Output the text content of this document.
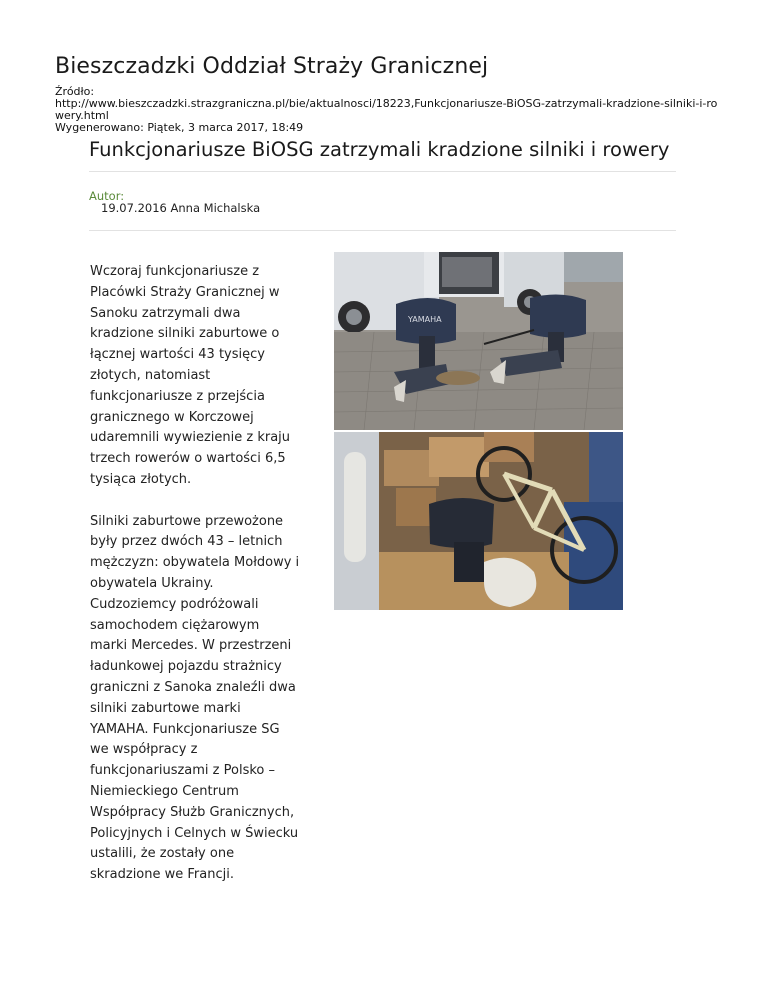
Bieszczadzki Oddział Straży Granicznej
Źródło:
http://www.bieszczadzki.strazgraniczna.pl/bie/aktualnosci/18223,Funkcjonariusze-BiOSG-zatrzymali-kradzione-silniki-i-rowery.html
Wygenerowano: Piątek, 3 marca 2017, 18:49
Funkcjonariusze BiOSG zatrzymali kradzione silniki i rowery
Autor:
19.07.2016 Anna Michalska

Wczoraj funkcjonariusze z Placówki Straży Granicznej w Sanoku zatrzymali dwa kradzione silniki zaburtowe o łącznej wartości 43 tysięcy złotych, natomiast funkcjonariusze z przejścia granicznego w Korczowej udaremnili wywiezienie z kraju trzech rowerów o wartości 6,5 tysiąca złotych.

Silniki zaburtowe przewożone były przez dwóch 43 – letnich mężczyzn: obywatela Mołdowy i obywatela Ukrainy. Cudzoziemcy podróżowali samochodem ciężarowym marki Mercedes. W przestrzeni ładunkowej pojazdu strażnicy graniczni z Sanoka znaleźli dwa silniki zaburtowe marki YAMAHA. Funkcjonariusze SG we współpracy z funkcjonariuszami z Polsko – Niemieckiego Centrum Współpracy Służb Granicznych, Policyjnych i Celnych w Świecku ustalili, że zostały one skradzione we Francji.

YAMAHA
